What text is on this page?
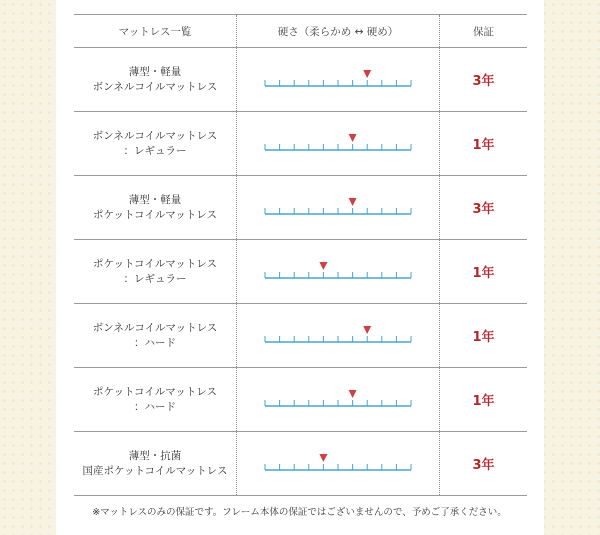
マットレス一覧	硬さ（柔らかめ ↔ 硬め）	保証

薄型・軽量
ボンネルコイルマットレス		3年

ボンネルコイルマットレス
：レギュラー		1年

薄型・軽量
ポケットコイルマットレス		3年

ポケットコイルマットレス
：レギュラー		1年

ボンネルコイルマットレス
：ハード		1年

ポケットコイルマットレス
：ハード		1年

薄型・抗菌
国産ポケットコイルマットレス		3年
※マットレスのみの保証です。フレーム本体の保証ではございませんので、予めご了承ください。
